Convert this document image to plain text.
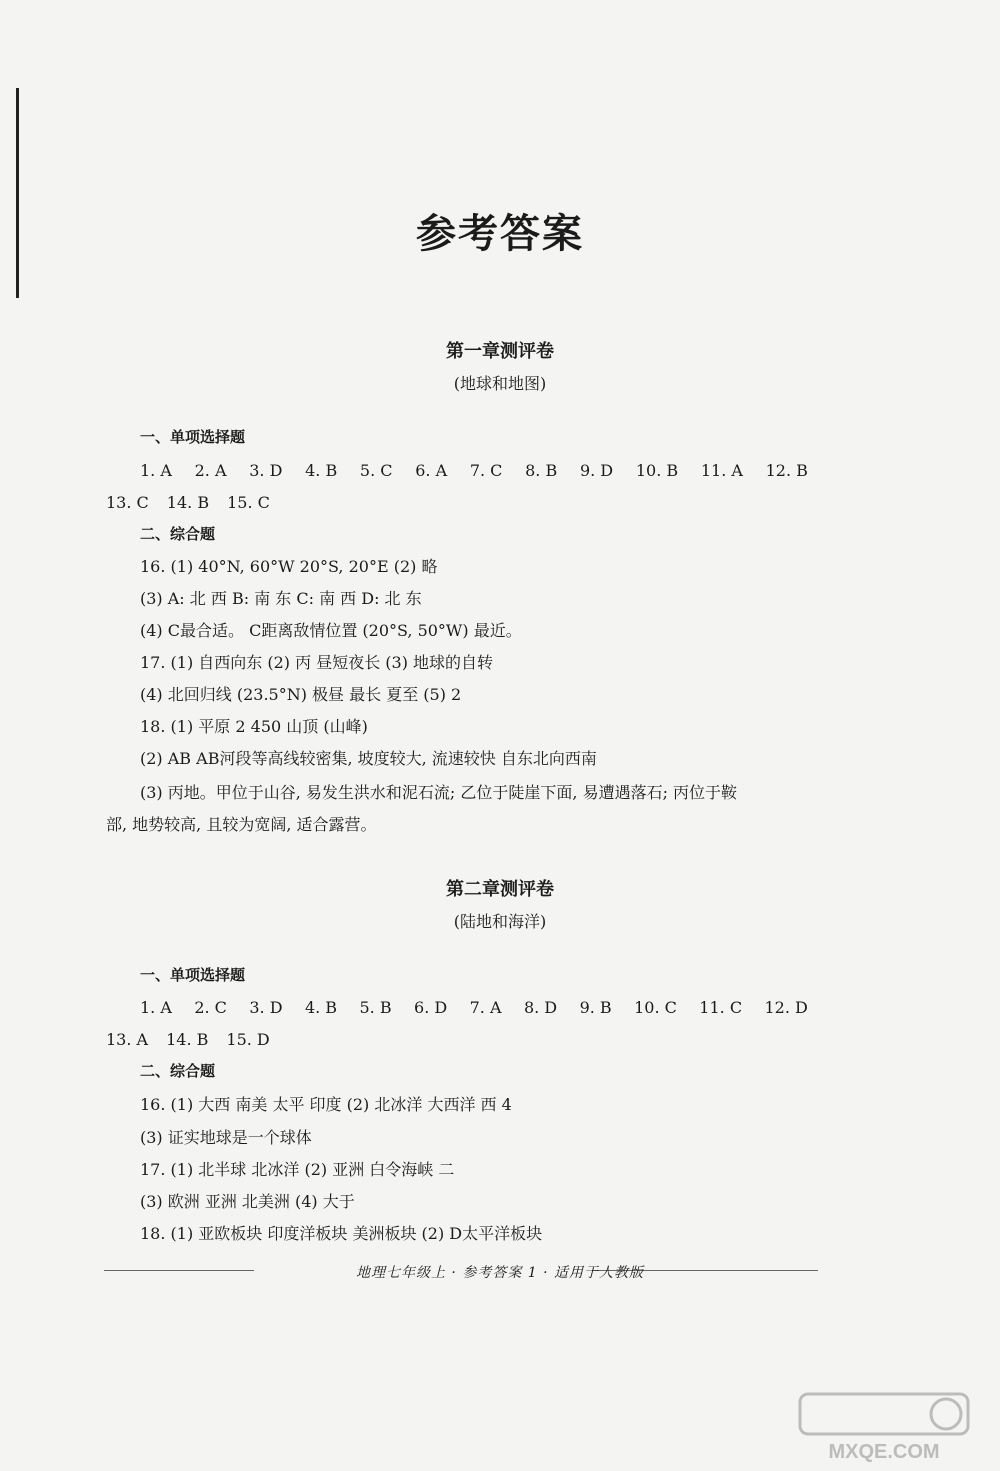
参考答案
第一章测评卷
(地球和地图)
一、单项选择题
1. A 2. A 3. D 4. B 5. C 6. A 7. C 8. B 9. D 10. B 11. A 12. B
13. C 14. B 15. C
二、综合题
16. (1) 40°N, 60°W 20°S, 20°E (2) 略
(3) A: 北 西 B: 南 东 C: 南 西 D: 北 东
(4) C最合适。 C距离敌情位置 (20°S, 50°W) 最近。
17. (1) 自西向东 (2) 丙 昼短夜长 (3) 地球的自转
(4) 北回归线 (23.5°N) 极昼 最长 夏至 (5) 2
18. (1) 平原 2 450 山顶 (山峰)
(2) AB AB河段等高线较密集, 坡度较大, 流速较快 自东北向西南
(3) 丙地。甲位于山谷, 易发生洪水和泥石流; 乙位于陡崖下面, 易遭遇落石; 丙位于鞍
部, 地势较高, 且较为宽阔, 适合露营。
第二章测评卷
(陆地和海洋)
一、单项选择题
1. A 2. C 3. D 4. B 5. B 6. D 7. A 8. D 9. B 10. C 11. C 12. D
13. A 14. B 15. D
二、综合题
16. (1) 大西 南美 太平 印度 (2) 北冰洋 大西洋 西 4
(3) 证实地球是一个球体
17. (1) 北半球 北冰洋 (2) 亚洲 白令海峡 二
(3) 欧洲 亚洲 北美洲 (4) 大于
18. (1) 亚欧板块 印度洋板块 美洲板块 (2) D太平洋板块
地理七年级上 · 参考答案 1 · 适用于人教版
MXQE.COM
